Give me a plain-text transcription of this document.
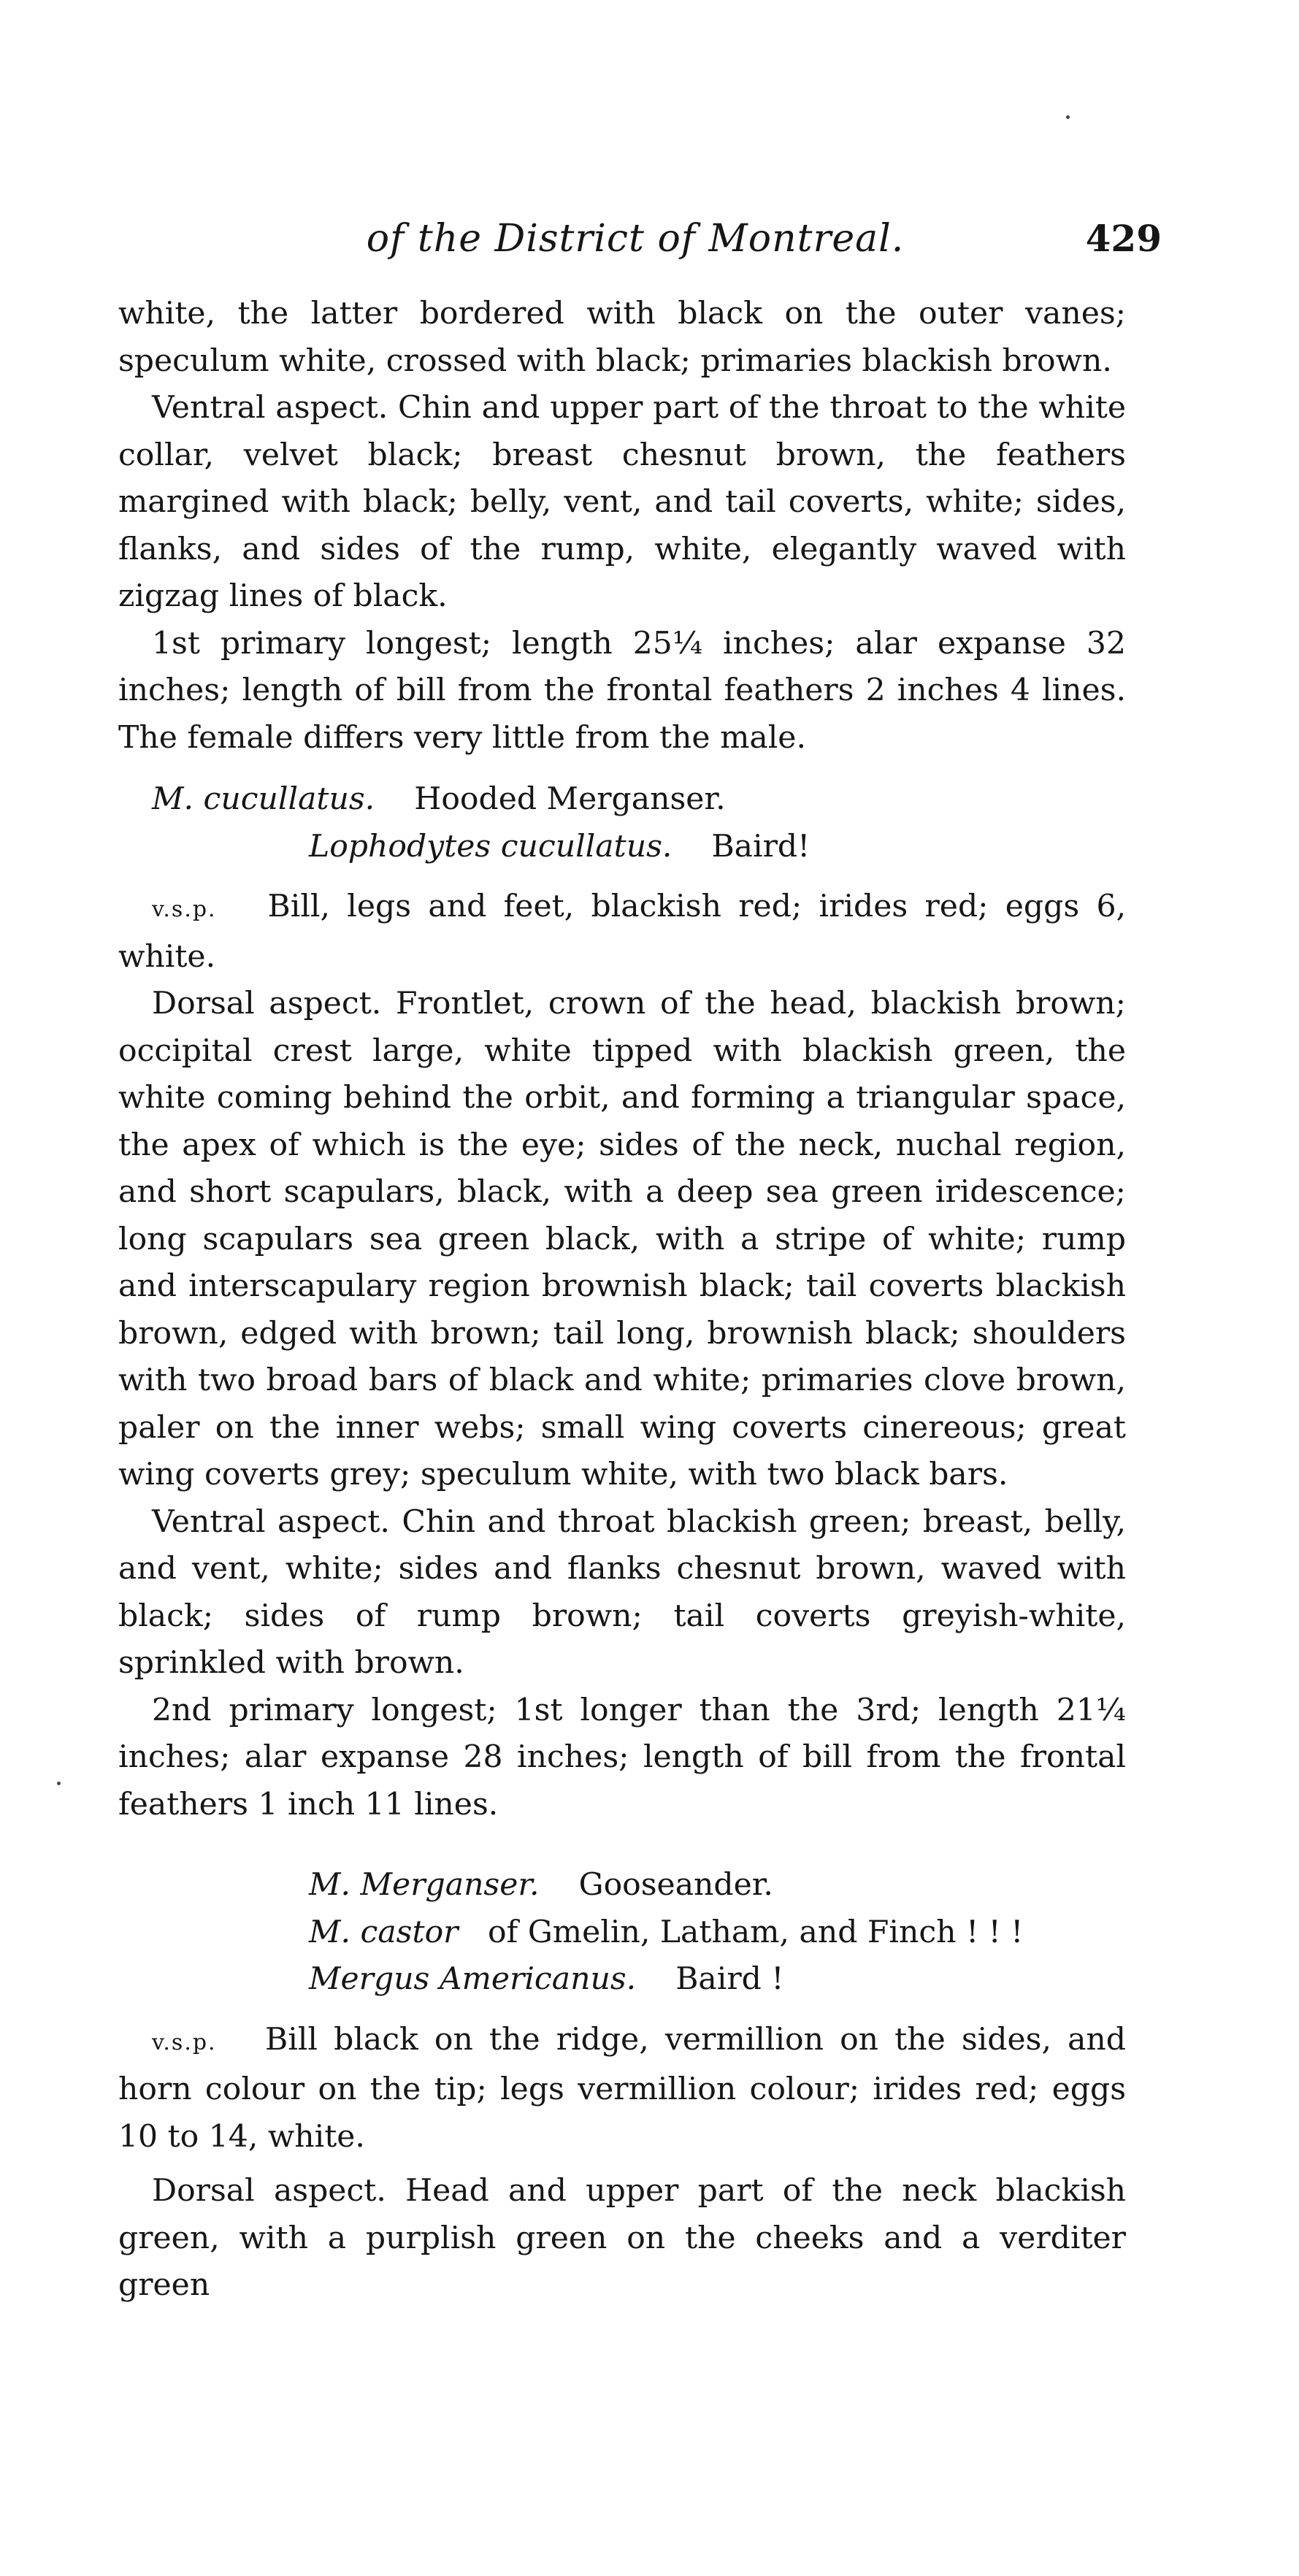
of the District of Montreal.	429

white, the latter bordered with black on the outer vanes; speculum white, crossed with black; primaries blackish brown.

Ventral aspect. Chin and upper part of the throat to the white collar, velvet black; breast chesnut brown, the feathers margined with black; belly, vent, and tail coverts, white; sides, flanks, and sides of the rump, white, elegantly waved with zigzag lines of black.

1st primary longest; length 25¼ inches; alar expanse 32 inches; length of bill from the frontal feathers 2 inches 4 lines. The female differs very little from the male.

M. cucullatus. Hooded Merganser.

Lophodytes cucullatus. Baird!

v.s.p. Bill, legs and feet, blackish red; irides red; eggs 6, white.

Dorsal aspect. Frontlet, crown of the head, blackish brown; occipital crest large, white tipped with blackish green, the white coming behind the orbit, and forming a triangular space, the apex of which is the eye; sides of the neck, nuchal region, and short scapulars, black, with a deep sea green iridescence; long scapulars sea green black, with a stripe of white; rump and interscapulary region brownish black; tail coverts blackish brown, edged with brown; tail long, brownish black; shoulders with two broad bars of black and white; primaries clove brown, paler on the inner webs; small wing coverts cinereous; great wing coverts grey; speculum white, with two black bars.

Ventral aspect. Chin and throat blackish green; breast, belly, and vent, white; sides and flanks chesnut brown, waved with black; sides of rump brown; tail coverts greyish-white, sprinkled with brown.

2nd primary longest; 1st longer than the 3rd; length 21¼ inches; alar expanse 28 inches; length of bill from the frontal feathers 1 inch 11 lines.

M. Merganser. Gooseander.

M. castor of Gmelin, Latham, and Finch ! ! !

Mergus Americanus. Baird !

v.s.p. Bill black on the ridge, vermillion on the sides, and horn colour on the tip; legs vermillion colour; irides red; eggs 10 to 14, white.

Dorsal aspect. Head and upper part of the neck blackish green, with a purplish green on the cheeks and a verditer green
